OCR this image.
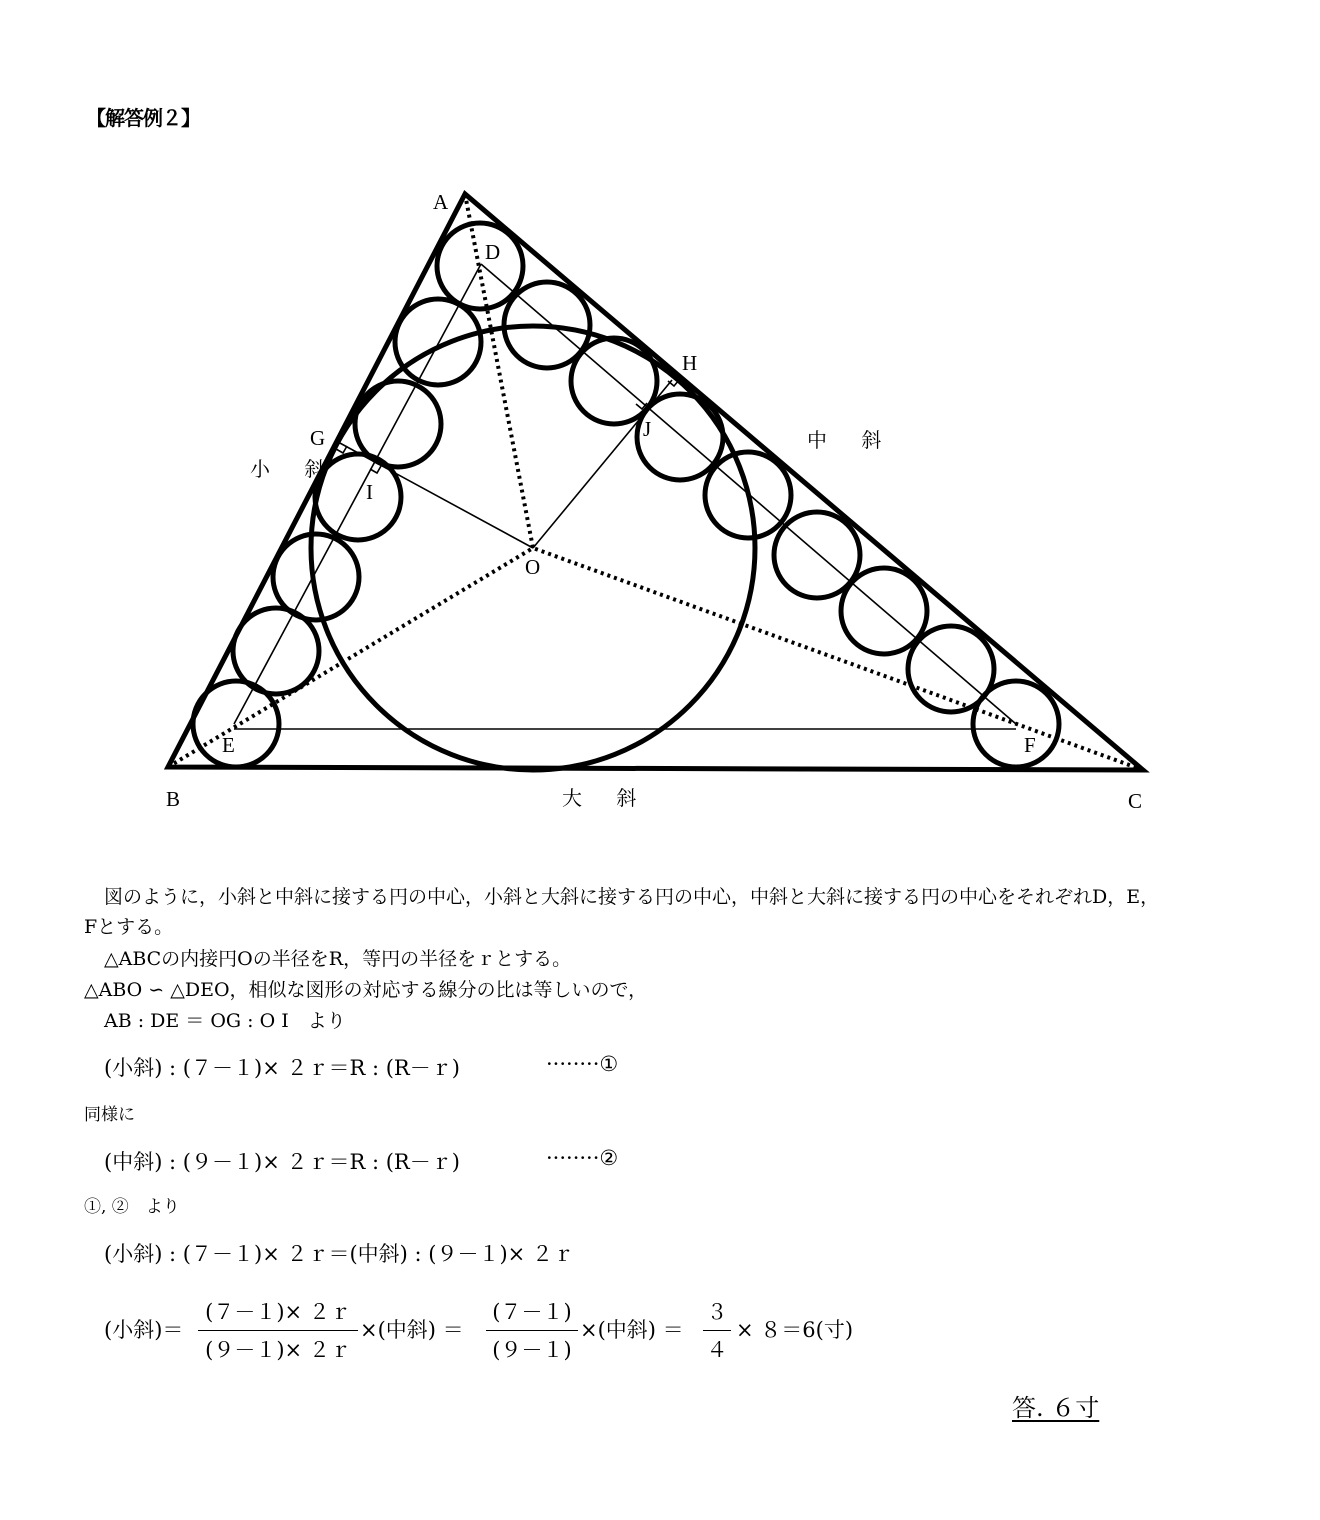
【解答例２】
A
B	C
D
E	F
G
H
I
J
O
小 斜
中 斜
大 斜
図のように，小斜と中斜に接する円の中心，小斜と大斜に接する円の中心，中斜と大斜に接する円の中心をそれぞれD，E，
Fとする。
△ABCの内接円Oの半径をR，等円の半径をｒとする。
△ABO ∽ △DEO，相似な図形の対応する線分の比は等しいので，
AB : DE ＝ OG : O I　より
(小斜) : (７－１)× ２ｒ＝R : (R－ｒ)	········①
同様に
(中斜) : (９－１)× ２ｒ＝R : (R－ｒ)	········②
①, ②　より
(小斜) : (７－１)× ２ｒ＝(中斜) : (９－１)× ２ｒ
(小斜)＝
(７－１)× ２ｒ
(９－１)× ２ｒ
×(中斜) ＝
(７－１)
(９－１)
×(中斜) ＝
３
４
× ８＝6(寸)
答. ６寸
